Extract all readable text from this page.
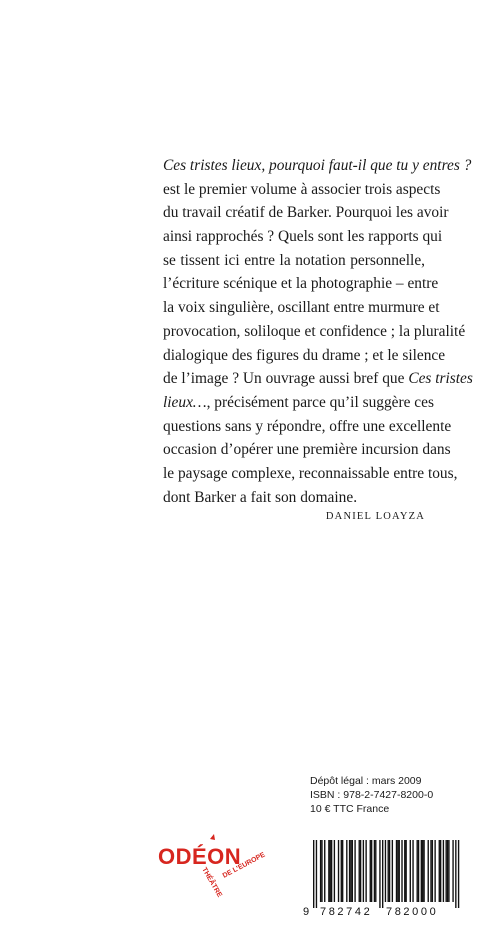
Ces tristes lieux, pourquoi faut-il que tu y entres ?
est le premier volume à associer trois aspects
du travail créatif de Barker. Pourquoi les avoir
ainsi rapprochés ? Quels sont les rapports qui
se tissent ici entre la notation personnelle,
l’écriture scénique et la photographie – entre
la voix singulière, oscillant entre murmure et
provocation, soliloque et confidence ; la pluralité
dialogique des figures du drame ; et le silence
de l’image ? Un ouvrage aussi bref que Ces tristes
lieux…, précisément parce qu’il suggère ces
questions sans y répondre, offre une excellente
occasion d’opérer une première incursion dans
le paysage complexe, reconnaissable entre tous,
dont Barker a fait son domaine.
DANIEL LOAYZA
Dépôt légal : mars 2009
ISBN : 978-2-7427-8200-0
10 € TTC France
ODÉON
THÉÂTRE
DE L’EUROPE
9 782742 782000
